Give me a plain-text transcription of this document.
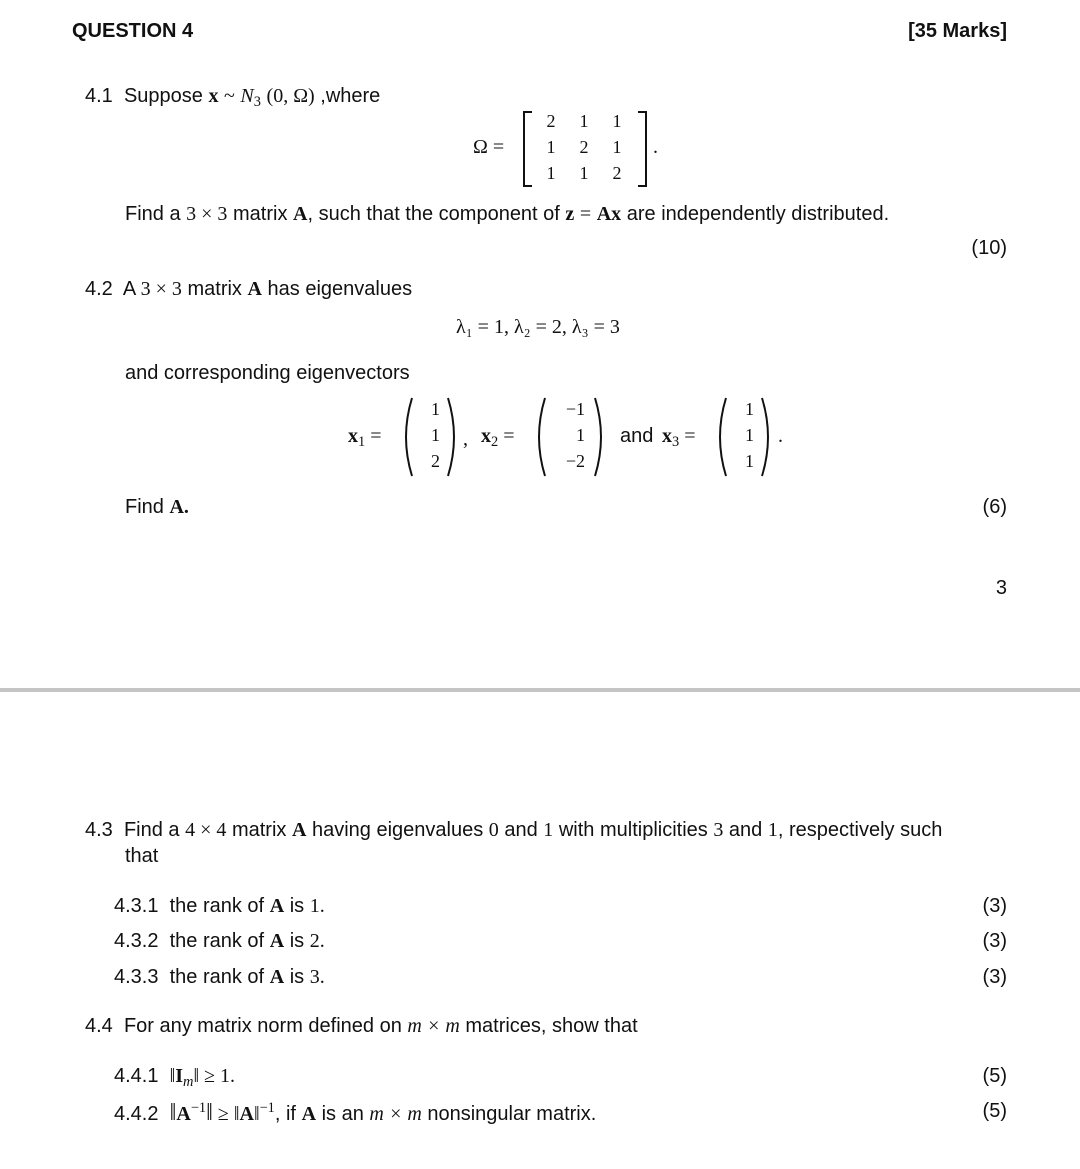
QUESTION 4	[35 Marks]
4.1 Suppose x ~ $N_3$ (0, Ω) ,where
Ω =
2	1	1
1	2	1
1	1	2
.
Find a 3 × 3 matrix A, such that the component of z = Ax are independently distributed.
(10)
4.2 A 3 × 3 matrix A has eigenvalues
λ₁ = 1, λ₂ = 2, λ₃ = 3
and corresponding eigenvectors
$x_1$ =
1
1
2
, $x_2$ =
−1
1
−2
and $x_3$ =
1
1
1
.
Find A.	(6)
3
4.3 Find a 4 × 4 matrix A having eigenvalues 0 and 1 with multiplicities 3 and 1, respectively such
that
4.3.1 the rank of A is 1.	(3)
4.3.2 the rank of A is 2.	(3)
4.3.3 the rank of A is 3.	(3)
4.4 For any matrix norm defined on m × m matrices, show that
4.4.1 $‖I_m‖ \ge 1$.	(5)
4.4.2 $‖A^{-1}‖$ ≥ ‖A‖$^{-1}$, if A is an m × m nonsingular matrix.	(5)
